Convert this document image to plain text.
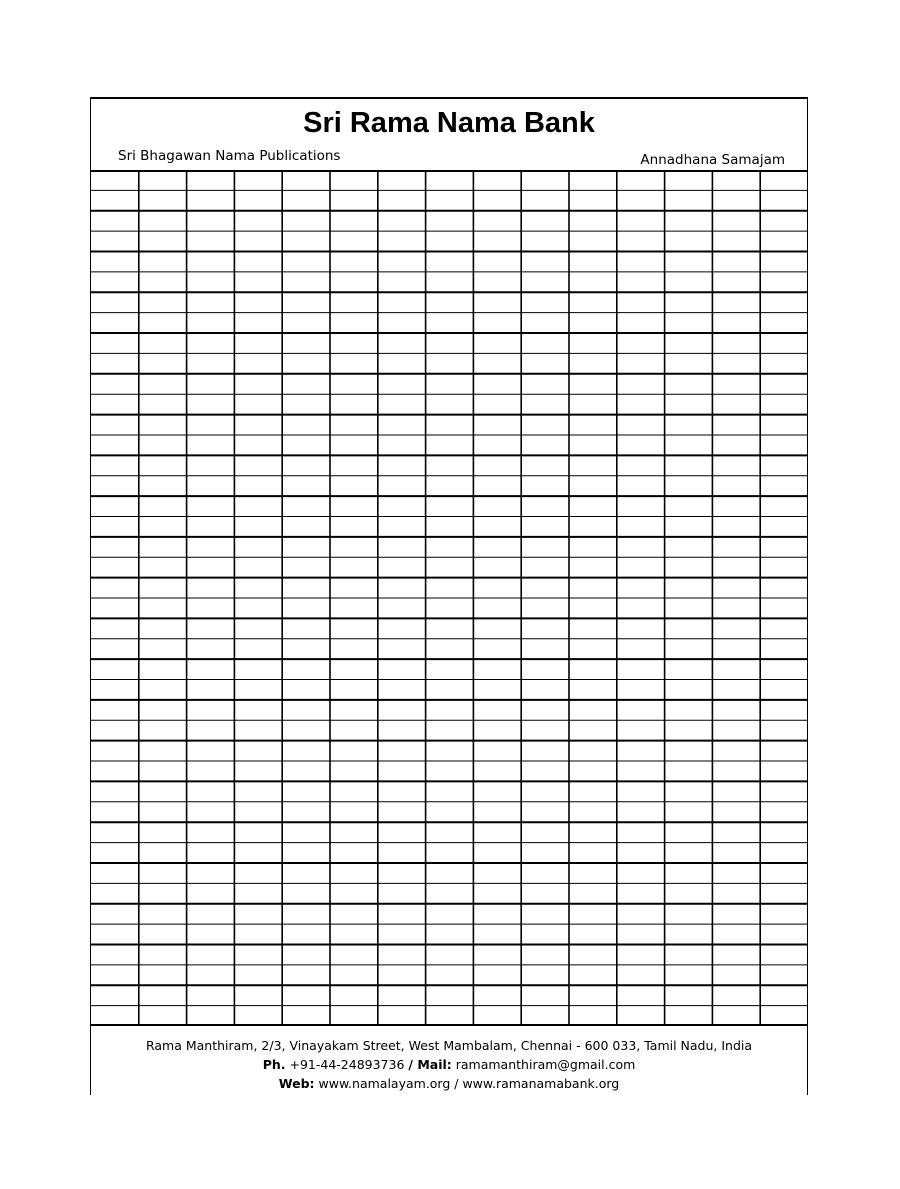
Sri Rama Nama Bank
Sri Bhagawan Nama Publications	Annadhana Samajam
Rama Manthiram, 2/3, Vinayakam Street, West Mambalam, Chennai - 600 033, Tamil Nadu, India
Ph. +91-44-24893736 / Mail: ramamanthiram@gmail.com
Web: www.namalayam.org / www.ramanamabank.org
